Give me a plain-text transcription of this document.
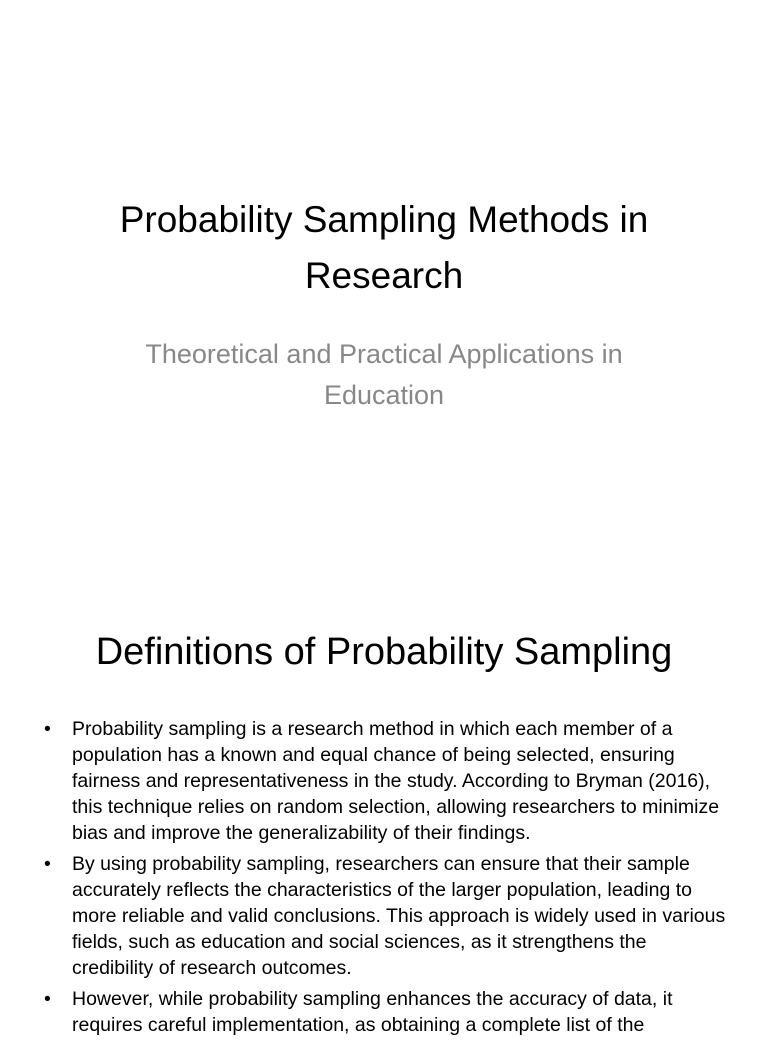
Probability Sampling Methods in Research
Theoretical and Practical Applications in Education
Definitions of Probability Sampling
• Probability sampling is a research method in which each member of a population has a known and equal chance of being selected, ensuring fairness and representativeness in the study. According to Bryman (2016), this technique relies on random selection, allowing researchers to minimize bias and improve the generalizability of their findings.
• By using probability sampling, researchers can ensure that their sample accurately reflects the characteristics of the larger population, leading to more reliable and valid conclusions. This approach is widely used in various fields, such as education and social sciences, as it strengthens the credibility of research outcomes.
• However, while probability sampling enhances the accuracy of data, it requires careful implementation, as obtaining a complete list of the
